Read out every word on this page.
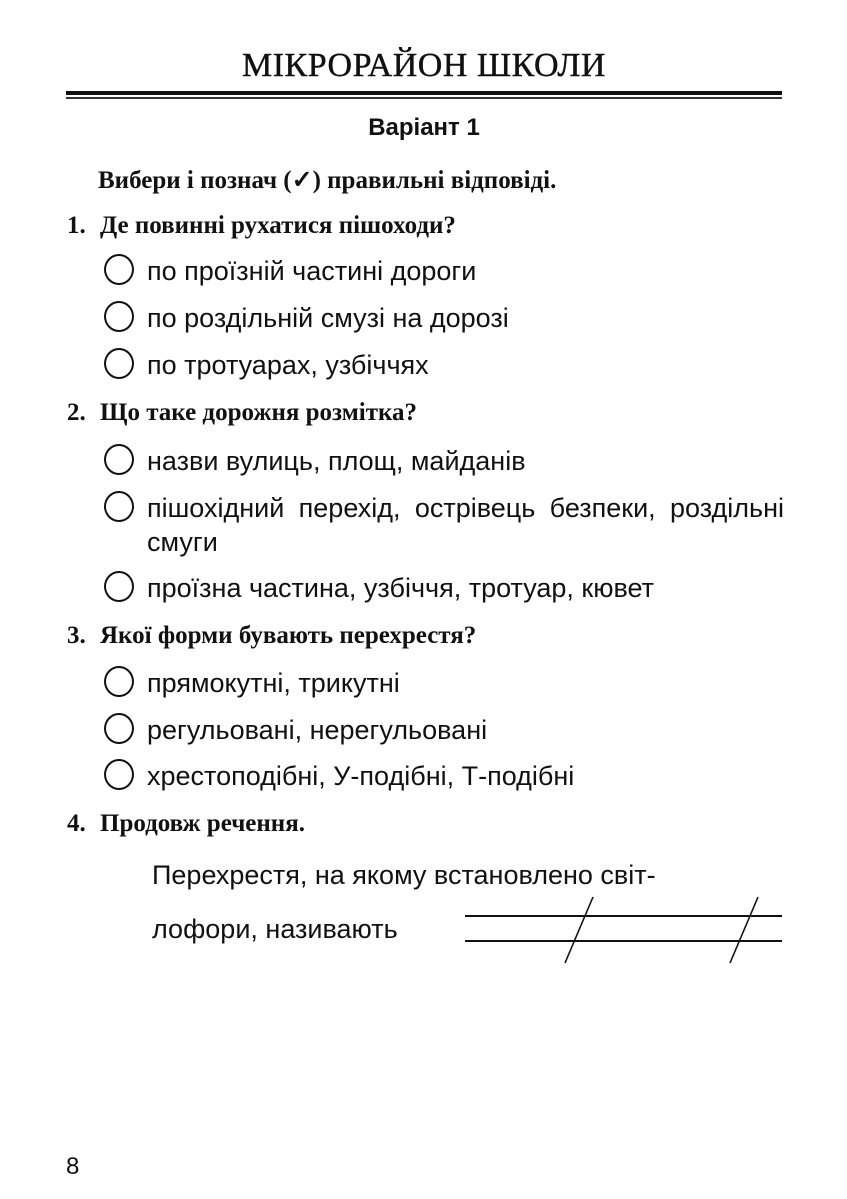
МІКРОРАЙОН ШКОЛИ
Варіант 1
Вибери і познач (✓) правильні відповіді.
1. Де повинні рухатися пішоходи?
по проїзній частині дороги
по роздільній смузі на дорозі
по тротуарах, узбіччях
2. Що таке дорожня розмітка?
назви вулиць, площ, майданів
пішохідний перехід, острівець безпеки, роздільні смуги
проїзна частина, узбіччя, тротуар, кювет
3. Якої форми бувають перехрестя?
прямокутні, трикутні
регульовані, нерегульовані
хрестоподібні, У-подібні, Т-подібні
4. Продовж речення.
Перехрестя, на якому встановлено світ-
лофори, називають
8
